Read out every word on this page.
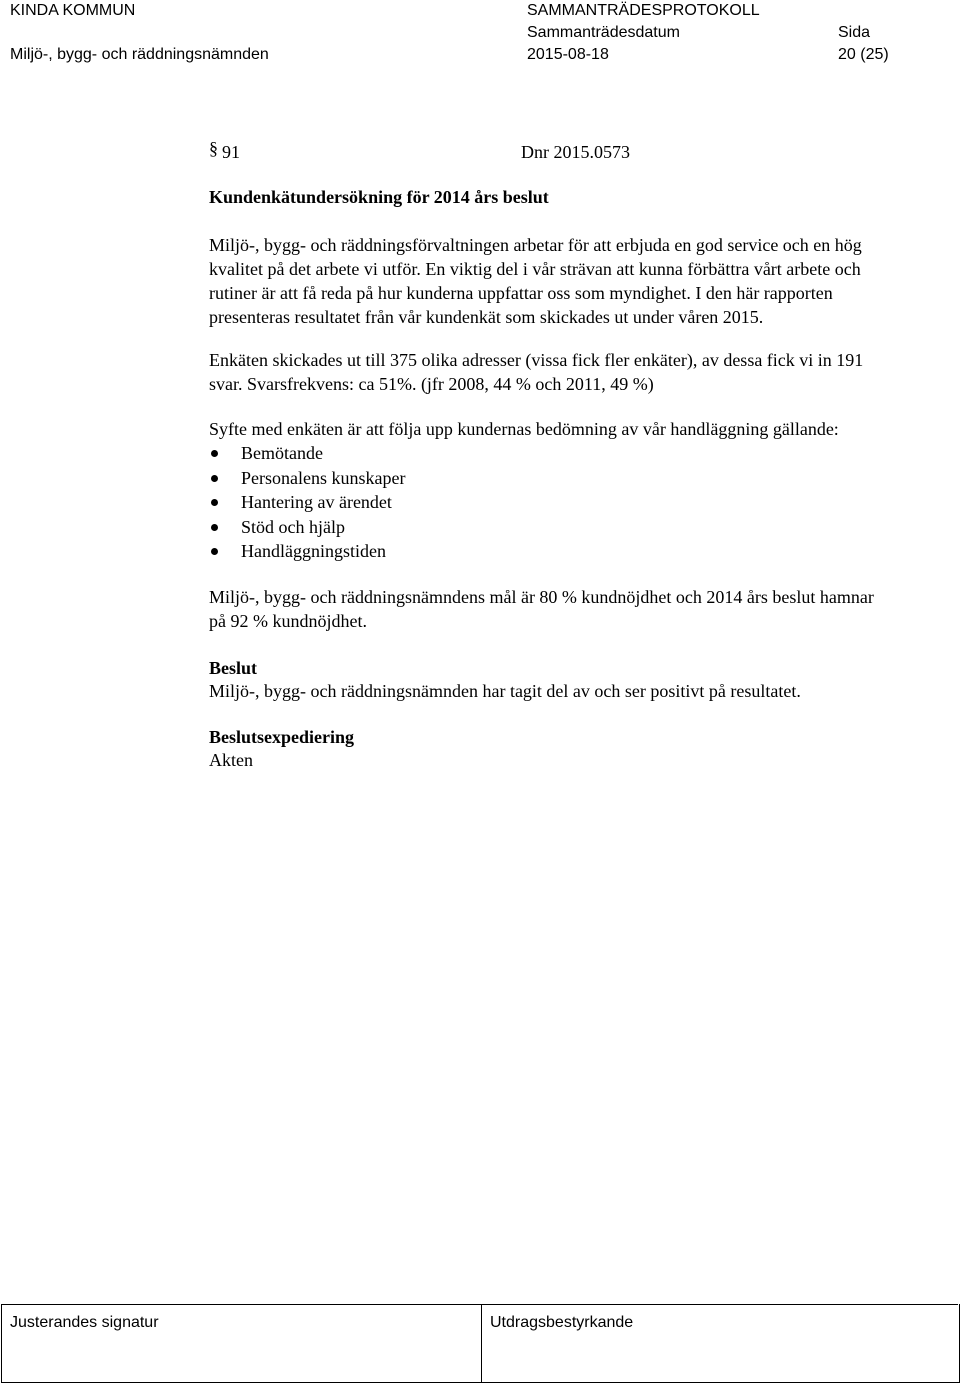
KINDA KOMMUN
Miljö-, bygg- och räddningsnämnden
SAMMANTRÄDESPROTOKOLL
Sammanträdesdatum
2015-08-18
Sida
20 (25)
§ 91	Dnr 2015.0573
Kundenkätundersökning för 2014 års beslut
Miljö-, bygg- och räddningsförvaltningen arbetar för att erbjuda en god service och en hög
kvalitet på det arbete vi utför. En viktig del i vår strävan att kunna förbättra vårt arbete och
rutiner är att få reda på hur kunderna uppfattar oss som myndighet. I den här rapporten
presenteras resultatet från vår kundenkät som skickades ut under våren 2015.
Enkäten skickades ut till 375 olika adresser (vissa fick fler enkäter), av dessa fick vi in 191
svar. Svarsfrekvens: ca 51%. (jfr 2008, 44 % och 2011, 49 %)
Syfte med enkäten är att följa upp kundernas bedömning av vår handläggning gällande:
Bemötande
Personalens kunskaper
Hantering av ärendet
Stöd och hjälp
Handläggningstiden
Miljö-, bygg- och räddningsnämndens mål är 80 % kundnöjdhet och 2014 års beslut hamnar
på 92 % kundnöjdhet.
Beslut
Miljö-, bygg- och räddningsnämnden har tagit del av och ser positivt på resultatet.
Beslutsexpediering
Akten
Justerandes signatur	Utdragsbestyrkande
